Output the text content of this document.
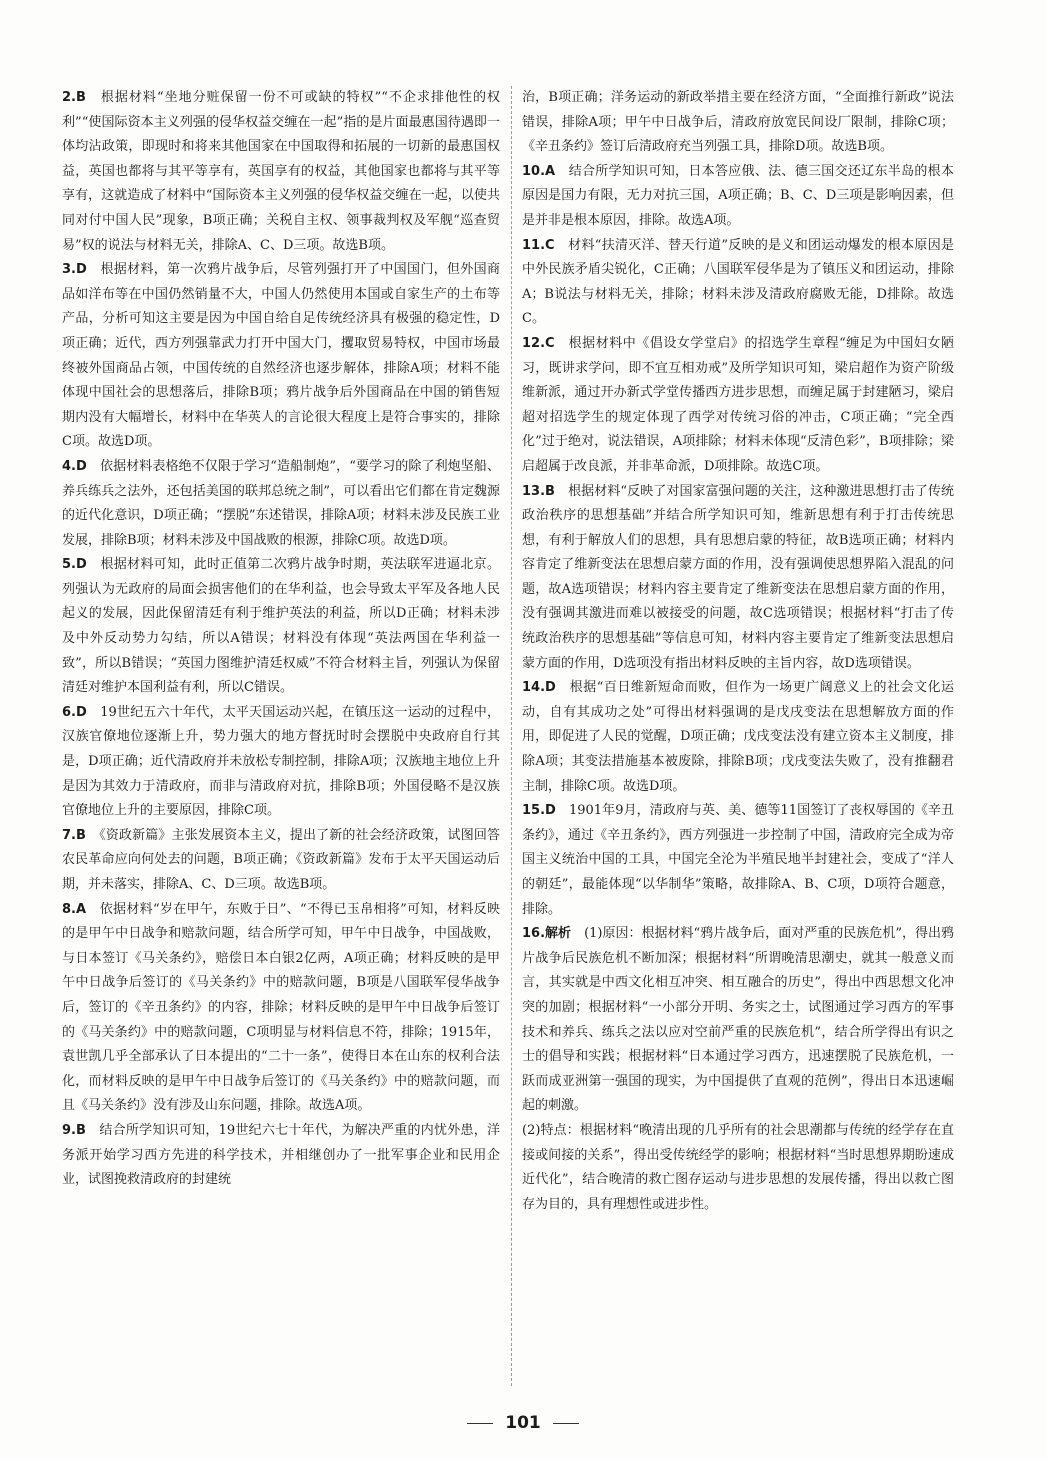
2.B　 根据材料“坐地分赃保留一份不可或缺的特权”“不企求排他性的权利”“使国际资本主义列强的侵华权益交缠在一起”指的是片面最惠国待遇即一体均沾政策，即现时和将来其他国家在中国取得和拓展的一切新的最惠国权益，英国也都将与其平等享有，英国享有的权益，其他国家也都将与其平等享有，这就造成了材料中“国际资本主义列强的侵华权益交缠在一起，以使共同对付中国人民”现象，B项正确；关税自主权、领事裁判权及军舰“巡查贸易”权的说法与材料无关，排除A、C、D三项。故选B项。

3.D　 根据材料，第一次鸦片战争后，尽管列强打开了中国国门，但外国商品如洋布等在中国仍然销量不大，中国人仍然使用本国或自家生产的土布等产品，分析可知这主要是因为中国自给自足传统经济具有极强的稳定性，D项正确；近代，西方列强靠武力打开中国大门，攫取贸易特权，中国市场最终被外国商品占领，中国传统的自然经济也逐步解体，排除A项；材料不能体现中国社会的思想落后，排除B项；鸦片战争后外国商品在中国的销售短期内没有大幅增长，材料中在华英人的言论很大程度上是符合事实的，排除C项。故选D项。

4.D　 依据材料表格绝不仅限于学习“造船制炮”，“要学习的除了利炮坚船、养兵练兵之法外，还包括美国的联邦总统之制”，可以看出它们都在肯定魏源的近代化意识，D项正确；“摆脱”东述错误，排除A项；材料未涉及民族工业发展，排除B项；材料未涉及中国战败的根源，排除C项。故选D项。

5.D　 根据材料可知，此时正值第二次鸦片战争时期，英法联军进逼北京。列强认为无政府的局面会损害他们的在华利益，也会导致太平军及各地人民起义的发展，因此保留清廷有利于维护英法的利益，所以D正确；材料未涉及中外反动势力勾结，所以A错误；材料没有体现“英法两国在华利益一致”，所以B错误；“英国力图维护清廷权威”不符合材料主旨，列强认为保留清廷对维护本国利益有利，所以C错误。

6.D　 19世纪五六十年代，太平天国运动兴起，在镇压这一运动的过程中，汉族官僚地位逐渐上升，势力强大的地方督抚时时会摆脱中央政府自行其是，D项正确；近代清政府并未放松专制控制，排除A项；汉族地主地位上升是因为其效力于清政府，而非与清政府对抗，排除B项；外国侵略不是汉族官僚地位上升的主要原因，排除C项。

7.B　 《资政新篇》主张发展资本主义，提出了新的社会经济政策，试图回答农民革命应向何处去的问题，B项正确；《资政新篇》发布于太平天国运动后期，并未落实，排除A、C、D三项。故选B项。

8.A　 依据材料“岁在甲午，东败于日”、“不得已玉帛相将”可知，材料反映的是甲午中日战争和赔款问题，结合所学可知，甲午中日战争，中国战败，与日本签订《马关条约》，赔偿日本白银2亿两，A项正确；材料反映的是甲午中日战争后签订的《马关条约》中的赔款问题，B项是八国联军侵华战争后，签订的《辛丑条约》的内容，排除；材料反映的是甲午中日战争后签订的《马关条约》中的赔款问题，C项明显与材料信息不符，排除；1915年，袁世凯几乎全部承认了日本提出的“二十一条”，使得日本在山东的权利合法化，而材料反映的是甲午中日战争后签订的《马关条约》中的赔款问题，而且《马关条约》没有涉及山东问题，排除。故选A项。

9.B　 结合所学知识可知，19世纪六七十年代，为解决严重的内忧外患，洋务派开始学习西方先进的科学技术，并相继创办了一批军事企业和民用企业，试图挽救清政府的封建统

治，B项正确；洋务运动的新政举措主要在经济方面，“全面推行新政”说法错误，排除A项；甲午中日战争后，清政府放宽民间设厂限制，排除C项；《辛丑条约》签订后清政府充当列强工具，排除D项。故选B项。

10.A　 结合所学知识可知，日本答应俄、法、德三国交还辽东半岛的根本原因是国力有限，无力对抗三国，A项正确；B、C、D三项是影响因素，但是并非是根本原因，排除。故选A项。

11.C　 材料“扶清灭洋、替天行道”反映的是义和团运动爆发的根本原因是中外民族矛盾尖锐化，C正确；八国联军侵华是为了镇压义和团运动，排除A；B说法与材料无关，排除；材料未涉及清政府腐败无能，D排除。故选C。

12.C　 根据材料中《倡设女学堂启》的招选学生章程“缠足为中国妇女陋习，既讲求学问，即不宜互相劝戒”及所学知识可知，梁启超作为资产阶级维新派，通过开办新式学堂传播西方进步思想，而缠足属于封建陋习，梁启超对招选学生的规定体现了西学对传统习俗的冲击，C项正确；“完全西化”过于绝对，说法错误，A项排除；材料未体现“反清色彩”，B项排除；梁启超属于改良派，并非革命派，D项排除。故选C项。

13.B　 根据材料“反映了对国家富强问题的关注，这种激进思想打击了传统政治秩序的思想基础”并结合所学知识可知，维新思想有利于打击传统思想，有利于解放人们的思想，具有思想启蒙的特征，故B选项正确；材料内容肯定了维新变法在思想启蒙方面的作用，没有强调使思想界陷入混乱的问题，故A选项错误；材料内容主要肯定了维新变法在思想启蒙方面的作用，没有强调其激进而难以被接受的问题，故C选项错误；根据材料“打击了传统政治秩序的思想基础”等信息可知，材料内容主要肯定了维新变法思想启蒙方面的作用，D选项没有指出材料反映的主旨内容，故D选项错误。

14.D　 根据“百日维新短命而败，但作为一场更广阔意义上的社会文化运动，自有其成功之处”可得出材料强调的是戊戌变法在思想解放方面的作用，即促进了人民的觉醒，D项正确；戊戌变法没有建立资本主义制度，排除A项；其变法措施基本被废除，排除B项；戊戌变法失败了，没有推翻君主制，排除C项。故选D项。

15.D　 1901年9月，清政府与英、美、德等11国签订了丧权辱国的《辛丑条约》，通过《辛丑条约》，西方列强进一步控制了中国，清政府完全成为帝国主义统治中国的工具，中国完全沦为半殖民地半封建社会，变成了“洋人的朝廷”，最能体现“以华制华”策略，故排除A、B、C项，D项符合题意，排除。

16.解析　 (1)原因：根据材料“鸦片战争后，面对严重的民族危机”，得出鸦片战争后民族危机不断加深；根据材料“所谓晚清思潮史，就其一般意义而言，其实就是中西文化相互冲突、相互融合的历史”，得出中西思想文化冲突的加剧；根据材料“一小部分开明、务实之士，试图通过学习西方的军事技术和养兵、练兵之法以应对空前严重的民族危机”，结合所学得出有识之士的倡导和实践；根据材料“日本通过学习西方，迅速摆脱了民族危机，一跃而成亚洲第一强国的现实，为中国提供了直观的范例”，得出日本迅速崛起的刺激。

(2)特点：根据材料“晚清出现的几乎所有的社会思潮都与传统的经学存在直接或间接的关系”，得出受传统经学的影响；根据材料“当时思想界期盼速成近代化”，结合晚清的救亡图存运动与进步思想的发展传播，得出以救亡图存为目的，具有理想性或进步性。

101
